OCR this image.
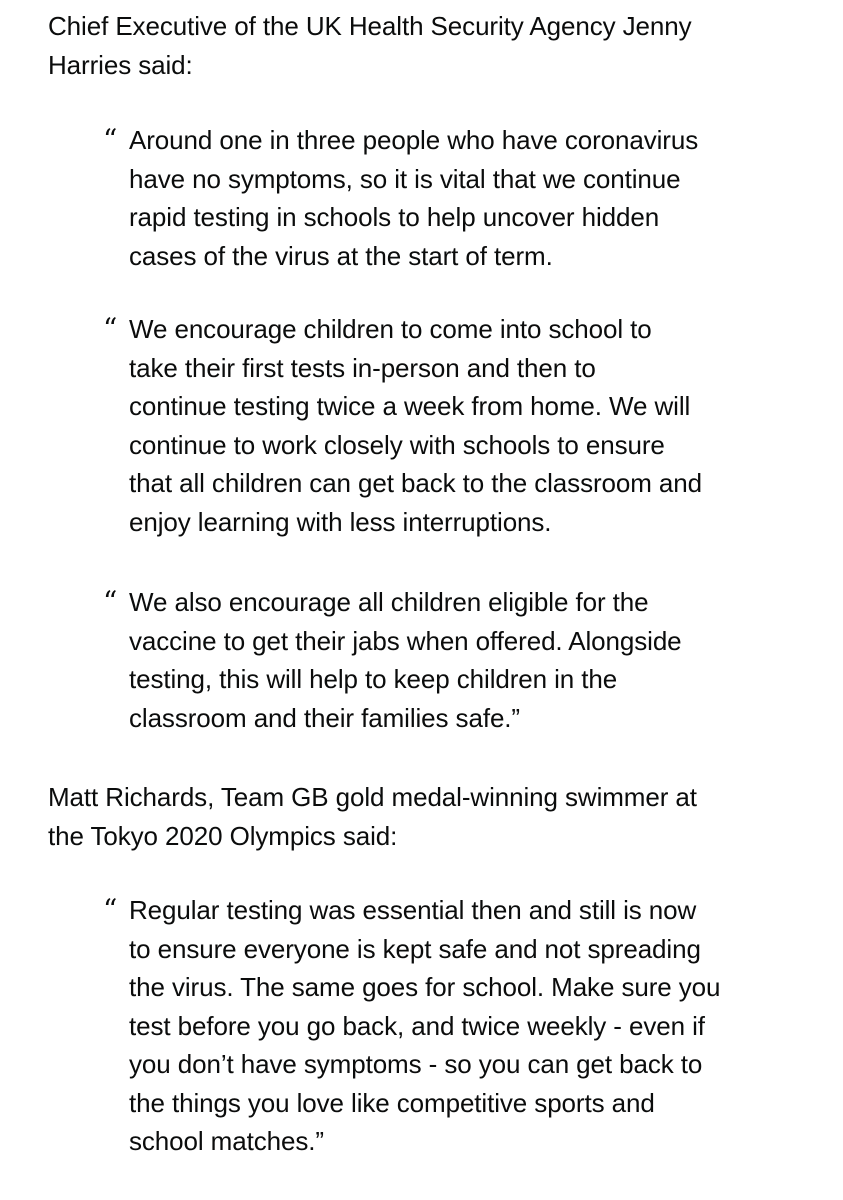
Chief Executive of the UK Health Security Agency Jenny
Harries said:

“ Around one in three people who have coronavirus
have no symptoms, so it is vital that we continue
rapid testing in schools to help uncover hidden
cases of the virus at the start of term.

“ We encourage children to come into school to
take their first tests in-person and then to
continue testing twice a week from home. We will
continue to work closely with schools to ensure
that all children can get back to the classroom and
enjoy learning with less interruptions.

“ We also encourage all children eligible for the
vaccine to get their jabs when offered. Alongside
testing, this will help to keep children in the
classroom and their families safe.”

Matt Richards, Team GB gold medal-winning swimmer at
the Tokyo 2020 Olympics said:

“ Regular testing was essential then and still is now
to ensure everyone is kept safe and not spreading
the virus. The same goes for school. Make sure you
test before you go back, and twice weekly - even if
you don’t have symptoms - so you can get back to
the things you love like competitive sports and
school matches.”
